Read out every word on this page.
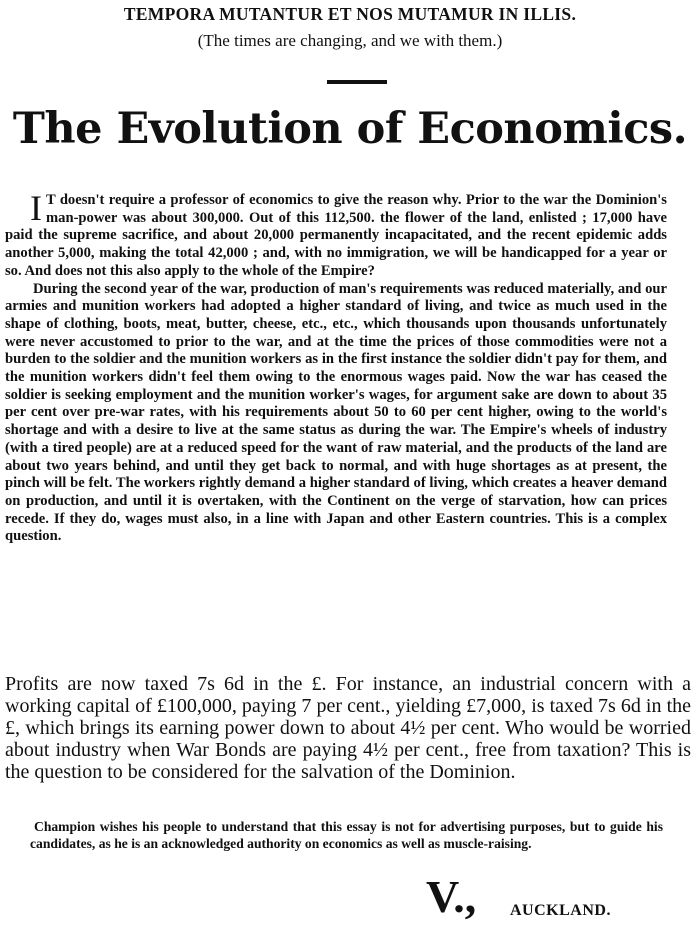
TEMPORA MUTANTUR ET NOS MUTAMUR IN ILLIS.
(The times are changing, and we with them.)
The Evolution of Economics.

I T doesn't require a professor of economics to give the reason why. Prior to the war the Dominion's man-power was about 300,000. Out of this 112,500. the flower of the land, enlisted ; 17,000 have paid the supreme sacrifice, and about 20,000 permanently incapacitated, and the recent epidemic adds another 5,000, making the total 42,000 ; and, with no immigration, we will be handicapped for a year or so. And does not this also apply to the whole of the Empire?

During the second year of the war, production of man's requirements was reduced materially, and our armies and munition workers had adopted a higher standard of living, and twice as much used in the shape of clothing, boots, meat, butter, cheese, etc., etc., which thousands upon thousands unfortunately were never accustomed to prior to the war, and at the time the prices of those commodities were not a burden to the soldier and the munition workers as in the first instance the soldier didn't pay for them, and the munition workers didn't feel them owing to the enormous wages paid. Now the war has ceased the soldier is seeking employment and the munition worker's wages, for argument sake are down to about 35 per cent over pre-war rates, with his requirements about 50 to 60 per cent higher, owing to the world's shortage and with a desire to live at the same status as during the war. The Empire's wheels of industry (with a tired people) are at a reduced speed for the want of raw material, and the products of the land are about two years behind, and until they get back to normal, and with huge shortages as at present, the pinch will be felt. The workers rightly demand a higher standard of living, which creates a heaver demand on production, and until it is overtaken, with the Continent on the verge of starvation, how can prices recede. If they do, wages must also, in a line with Japan and other Eastern countries. This is a complex question.

Profits are now taxed 7s 6d in the £. For instance, an industrial concern with a working capital of £100,000, paying 7 per cent., yielding £7,000, is taxed 7s 6d in the £, which brings its earning power down to about 4½ per cent. Who would be worried about industry when War Bonds are paying 4½ per cent., free from taxation? This is the question to be considered for the salvation of the Dominion.
Champion wishes his people to understand that this essay is not for advertising purposes, but to guide his candidates, as he is an acknowledged authority on economics as well as muscle-raising.
V., AUCKLAND.
